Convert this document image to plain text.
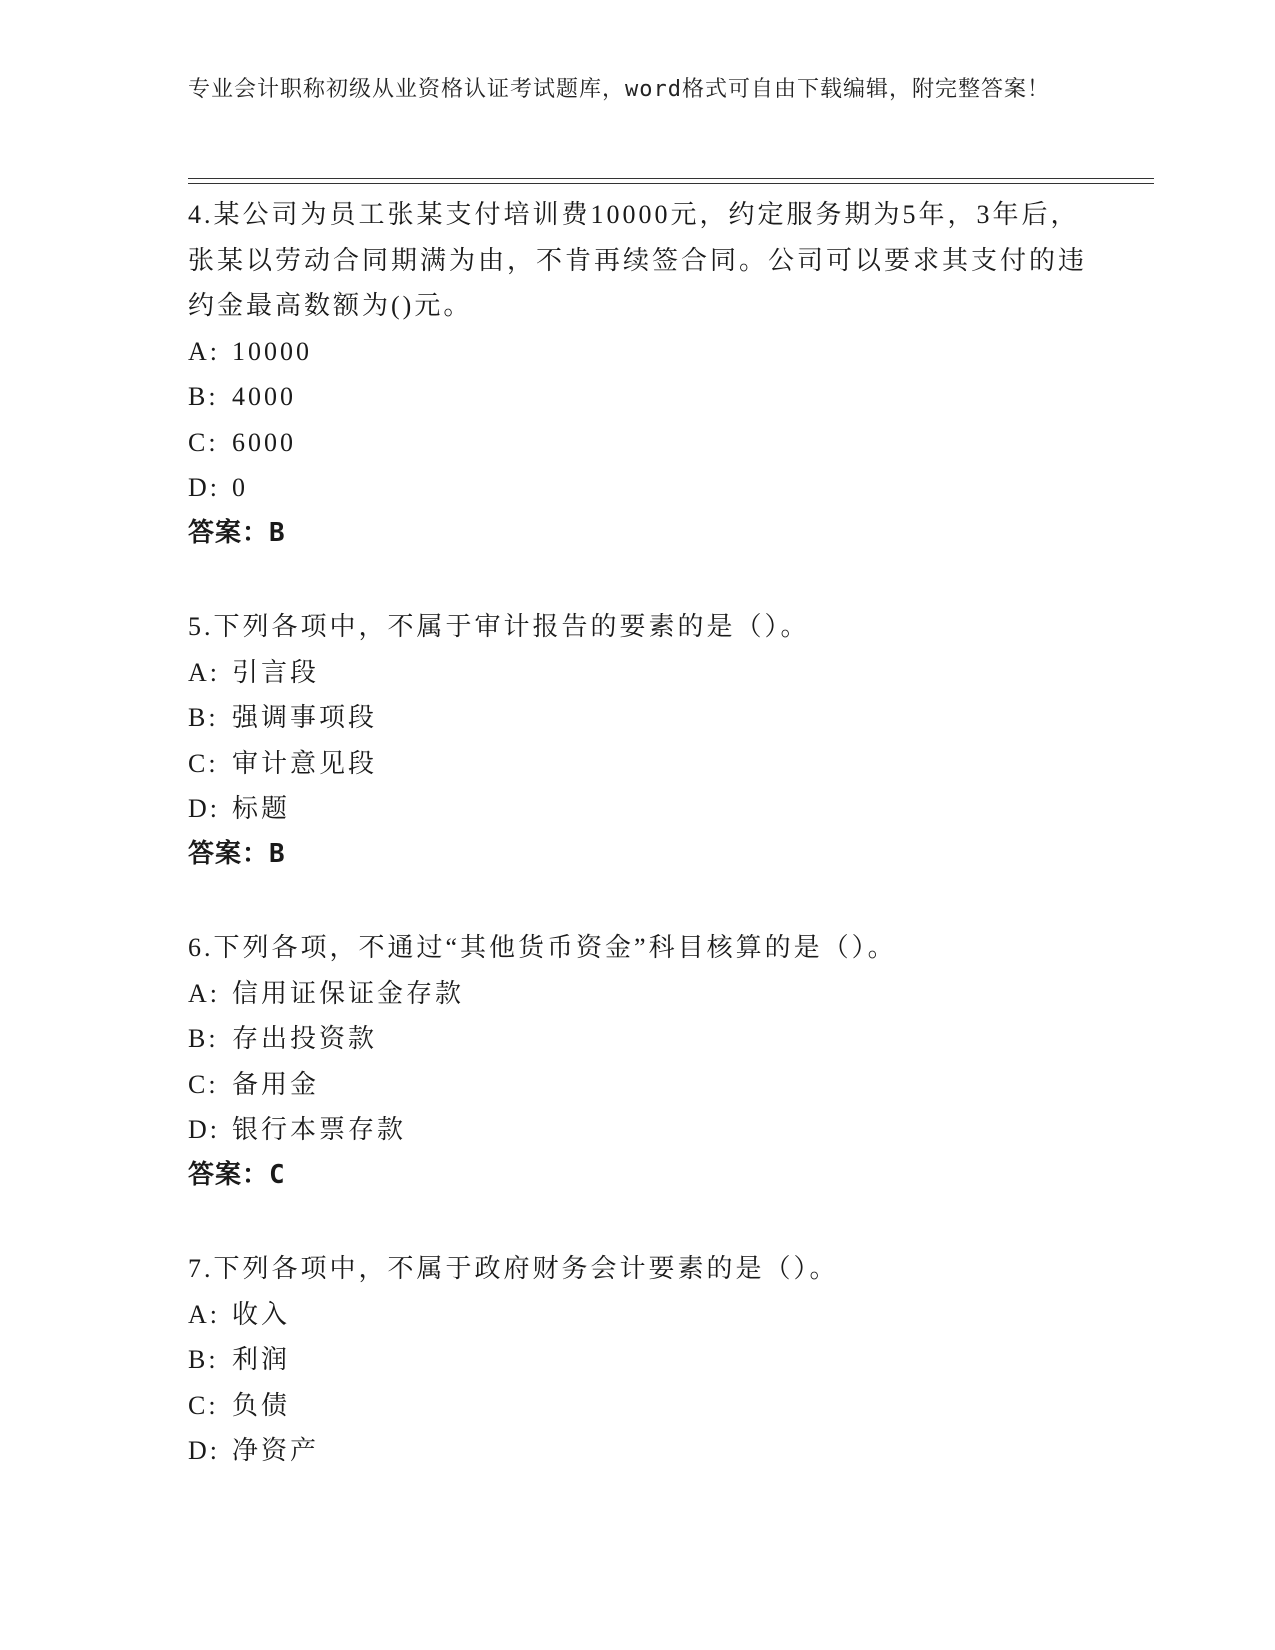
专业会计职称初级从业资格认证考试题库，word格式可自由下载编辑，附完整答案！

4.某公司为员工张某支付培训费10000元，约定服务期为5年，3年后，张某以劳动合同期满为由，不肯再续签合同。公司可以要求其支付的违约金最高数额为()元。

A: 10000

B: 4000

C: 6000

D: 0

答案：B

5.下列各项中，不属于审计报告的要素的是（）。

A: 引言段

B: 强调事项段

C: 审计意见段

D: 标题

答案：B

6.下列各项，不通过“其他货币资金”科目核算的是（）。

A: 信用证保证金存款

B: 存出投资款

C: 备用金

D: 银行本票存款

答案：C

7.下列各项中，不属于政府财务会计要素的是（）。

A: 收入

B: 利润

C: 负债

D: 净资产
